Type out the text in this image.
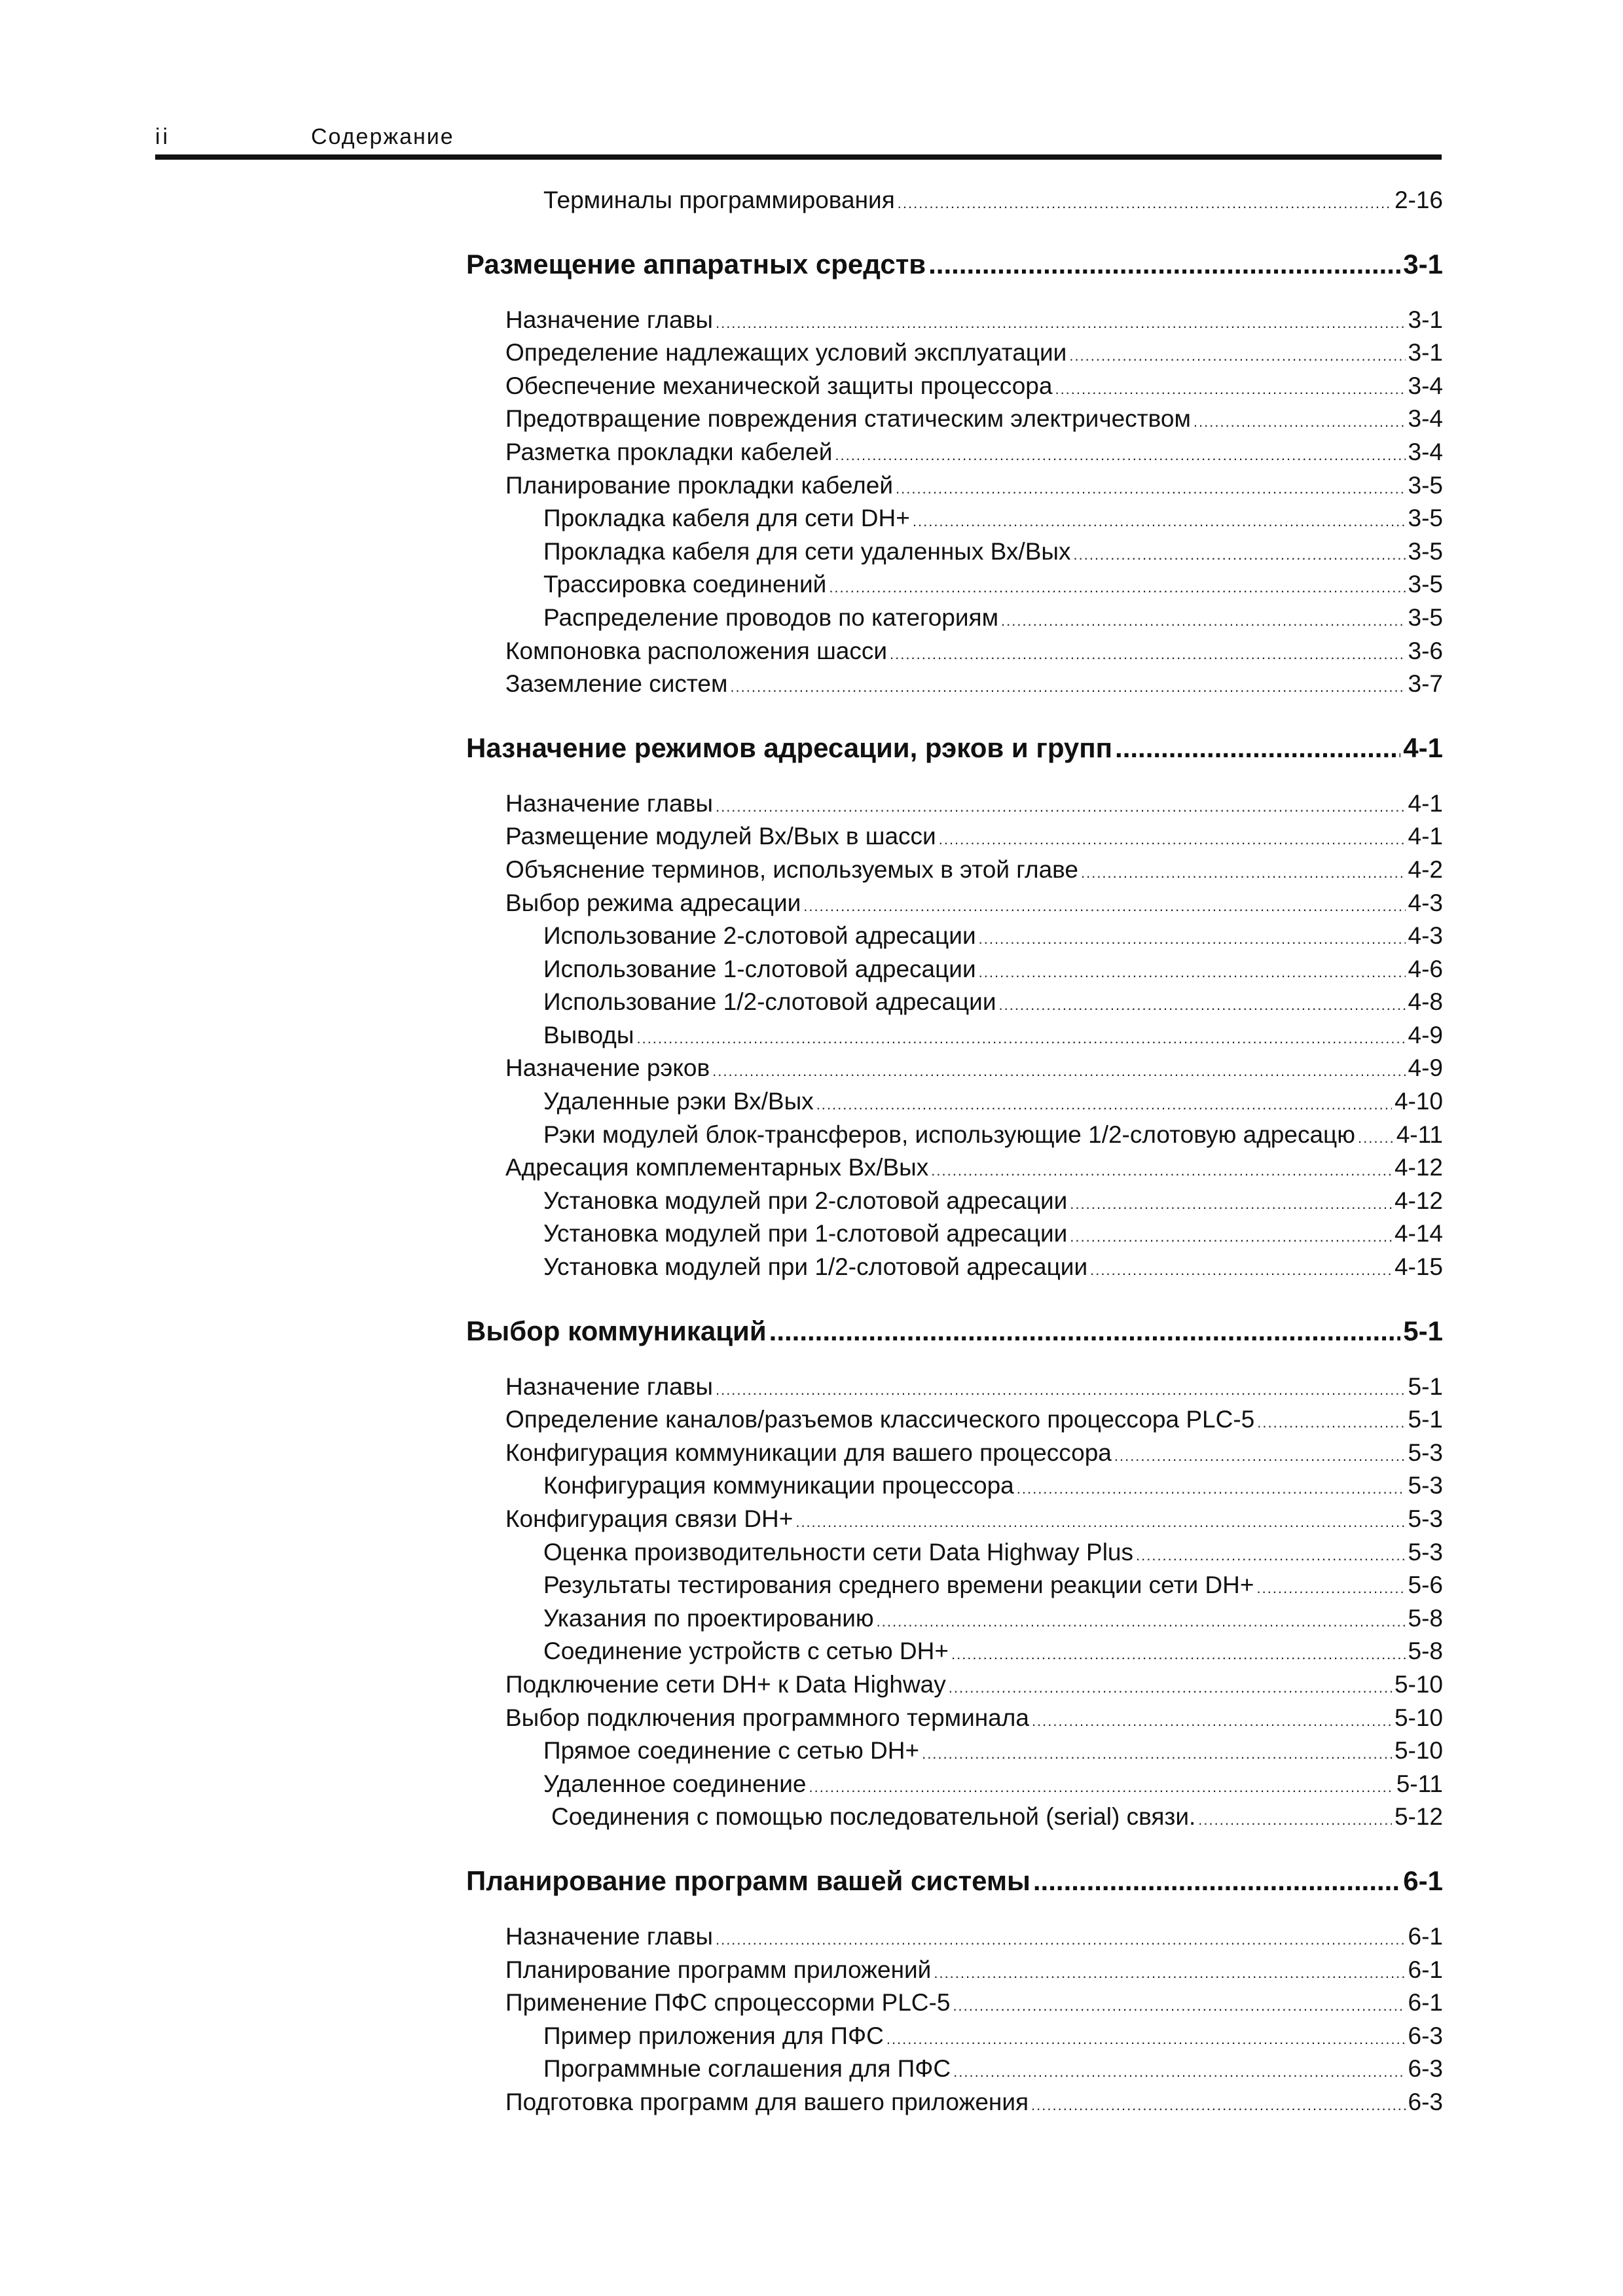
ii	Содержание
Терминалы программирования .....	2-16
Размещение аппаратных средств .....	3-1
Назначение главы .....	3-1
Определение надлежащих условий эксплуатации .....	3-1
Обеспечение механической защиты процессора .....	3-4
Предотвращение повреждения статическим электричеством .....	3-4
Разметка прокладки кабелей .....	3-4
Планирование прокладки кабелей .....	3-5
Прокладка кабеля для сети DH+ .....	3-5
Прокладка кабеля для сети удаленных Вх/Вых .....	3-5
Трассировка соединений .....	3-5
Распределение проводов по категориям .....	3-5
Компоновка расположения шасси .....	3-6
Заземление систем .....	3-7
Назначение режимов адресации, рэков и групп .....	4-1
Назначение главы .....	4-1
Размещение модулей Вх/Вых в шасси .....	4-1
Объяснение терминов, используемых в этой главе .....	4-2
Выбор режима адресации .....	4-3
Использование 2-слотовой адресации .....	4-3
Использование 1-слотовой адресации .....	4-6
Использование 1/2-слотовой адресации .....	4-8
Выводы .....	4-9
Назначение рэков .....	4-9
Удаленные рэки Вх/Вых .....	4-10
Рэки модулей блок-трансферов, использующие 1/2-слотовую адресацю ..... 4-11
Адресация комплементарных Вх/Вых .....	4-12
Установка модулей при 2-слотовой адресации .....	4-12
Установка модулей при 1-слотовой адресации .....	4-14
Установка модулей при 1/2-слотовой адресации .....	4-15
Выбор коммуникаций .....	5-1
Назначение главы .....	5-1
Определение каналов/разъемов классического процессора PLC-5 .....	5-1
Конфигурация коммуникации для вашего процессора .....	5-3
Конфигурация коммуникации процессора .....	5-3
Конфигурация связи DH+ .....	5-3
Оценка производительности сети Data Highway Plus .....	5-3
Результаты тестирования среднего времени реакции сети DH+ .....	5-6
Указания по проектированию .....	5-8
Соединение устройств с сетью DH+ .....	5-8
Подключение сети DH+ к Data Highway .....	5-10
Выбор подключения программного терминала .....	5-10
Прямое соединение с сетью DH+ .....	5-10
Удаленное соединение .....	5-11
Соединения с помощью последовательной (serial) связи. .....	5-12
Планирование программ вашей системы .....	6-1
Назначение главы .....	6-1
Планирование программ приложений .....	6-1
Применение ПФС спроцессорми PLC-5 .....	6-1
Пример приложения для ПФС .....	6-3
Программные соглашения для ПФС .....	6-3
Подготовка программ для вашего приложения .....	6-3
